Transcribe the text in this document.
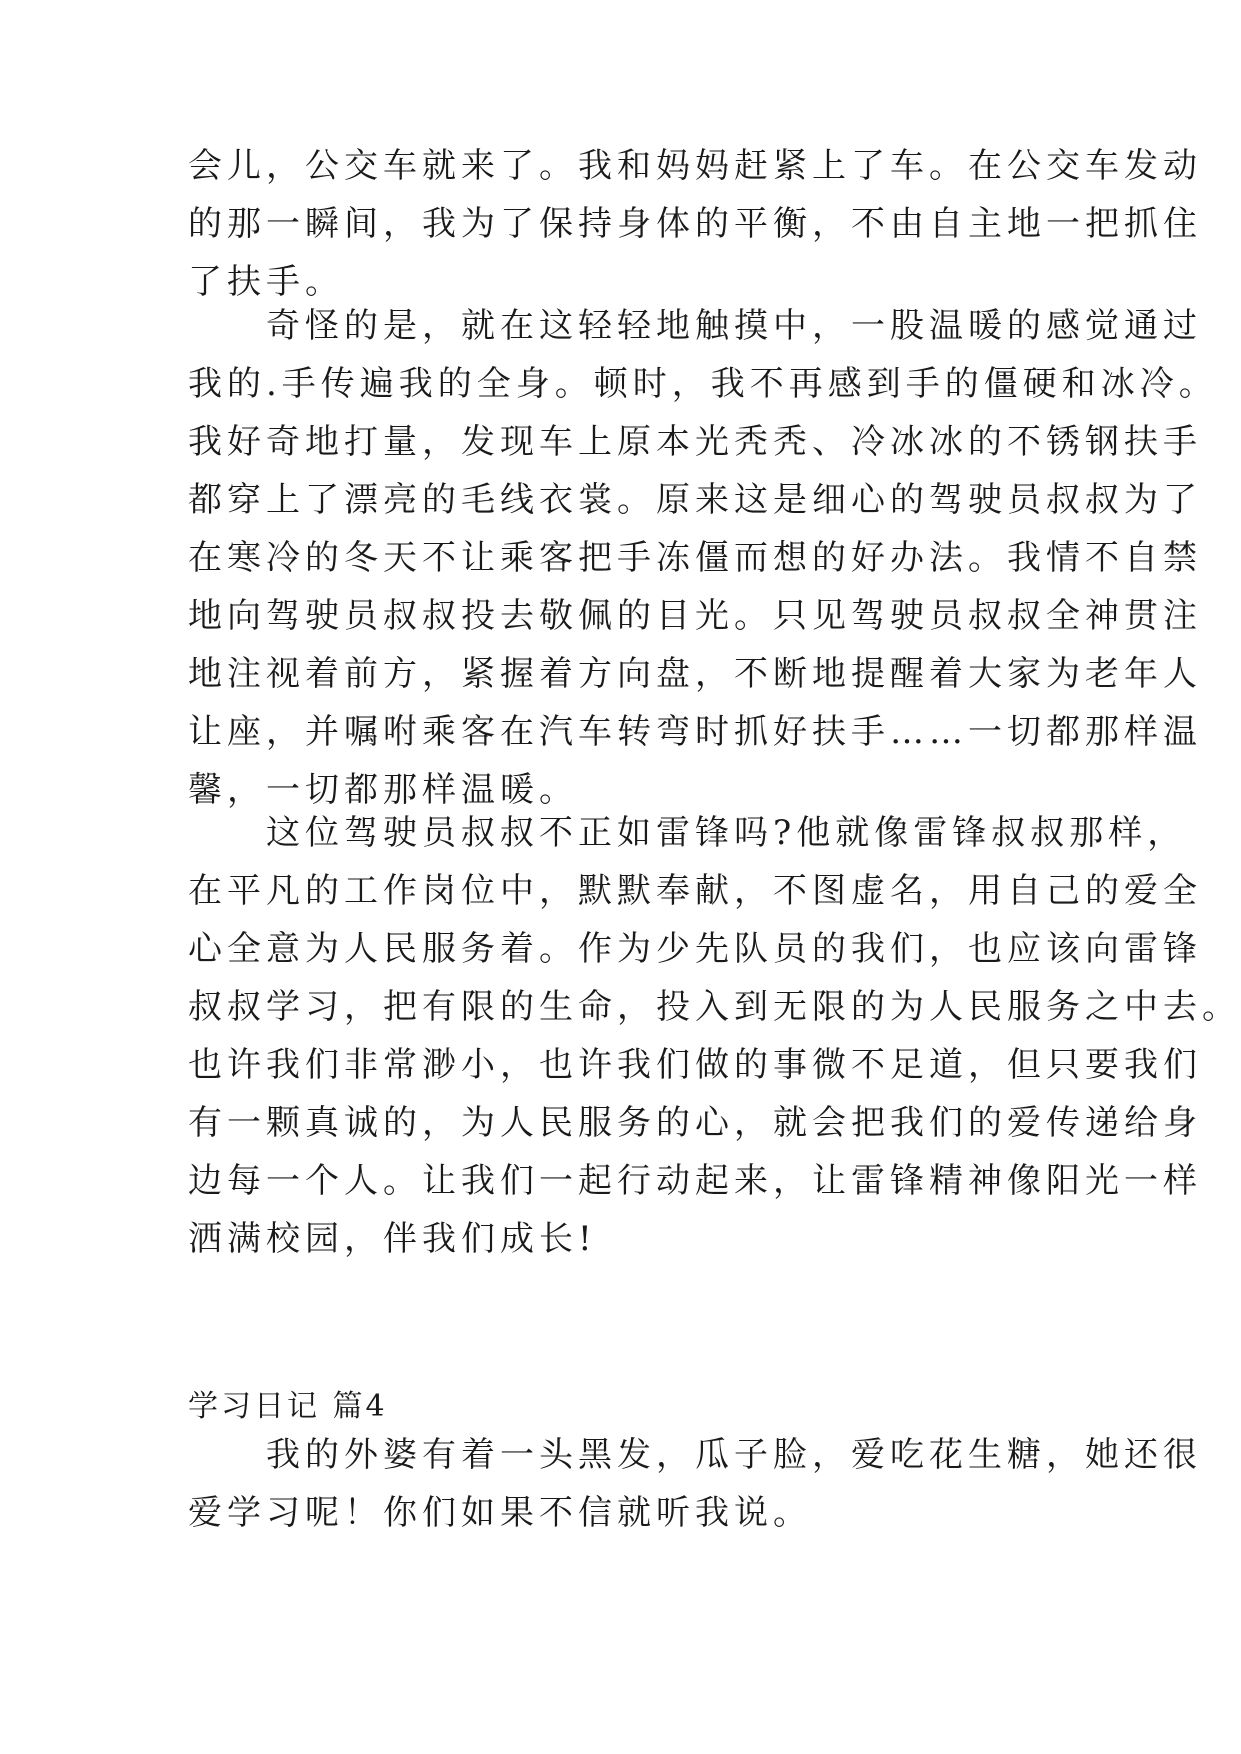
会儿，公交车就来了。我和妈妈赶紧上了车。在公交车发动
的那一瞬间，我为了保持身体的平衡，不由自主地一把抓住
了扶手。
　　奇怪的是，就在这轻轻地触摸中，一股温暖的感觉通过
我的.手传遍我的全身。顿时，我不再感到手的僵硬和冰冷。
我好奇地打量，发现车上原本光秃秃、冷冰冰的不锈钢扶手
都穿上了漂亮的毛线衣裳。原来这是细心的驾驶员叔叔为了
在寒冷的冬天不让乘客把手冻僵而想的好办法。我情不自禁
地向驾驶员叔叔投去敬佩的目光。只见驾驶员叔叔全神贯注
地注视着前方，紧握着方向盘，不断地提醒着大家为老年人
让座，并嘱咐乘客在汽车转弯时抓好扶手……一切都那样温
馨，一切都那样温暖。
　　这位驾驶员叔叔不正如雷锋吗?他就像雷锋叔叔那样，
在平凡的工作岗位中，默默奉献，不图虚名，用自己的爱全
心全意为人民服务着。作为少先队员的我们，也应该向雷锋
叔叔学习，把有限的生命，投入到无限的为人民服务之中去。
也许我们非常渺小，也许我们做的事微不足道，但只要我们
有一颗真诚的，为人民服务的心，就会把我们的爱传递给身
边每一个人。让我们一起行动起来，让雷锋精神像阳光一样
洒满校园，伴我们成长!
学习日记 篇4
　　我的外婆有着一头黑发，瓜子脸，爱吃花生糖，她还很
爱学习呢！你们如果不信就听我说。
